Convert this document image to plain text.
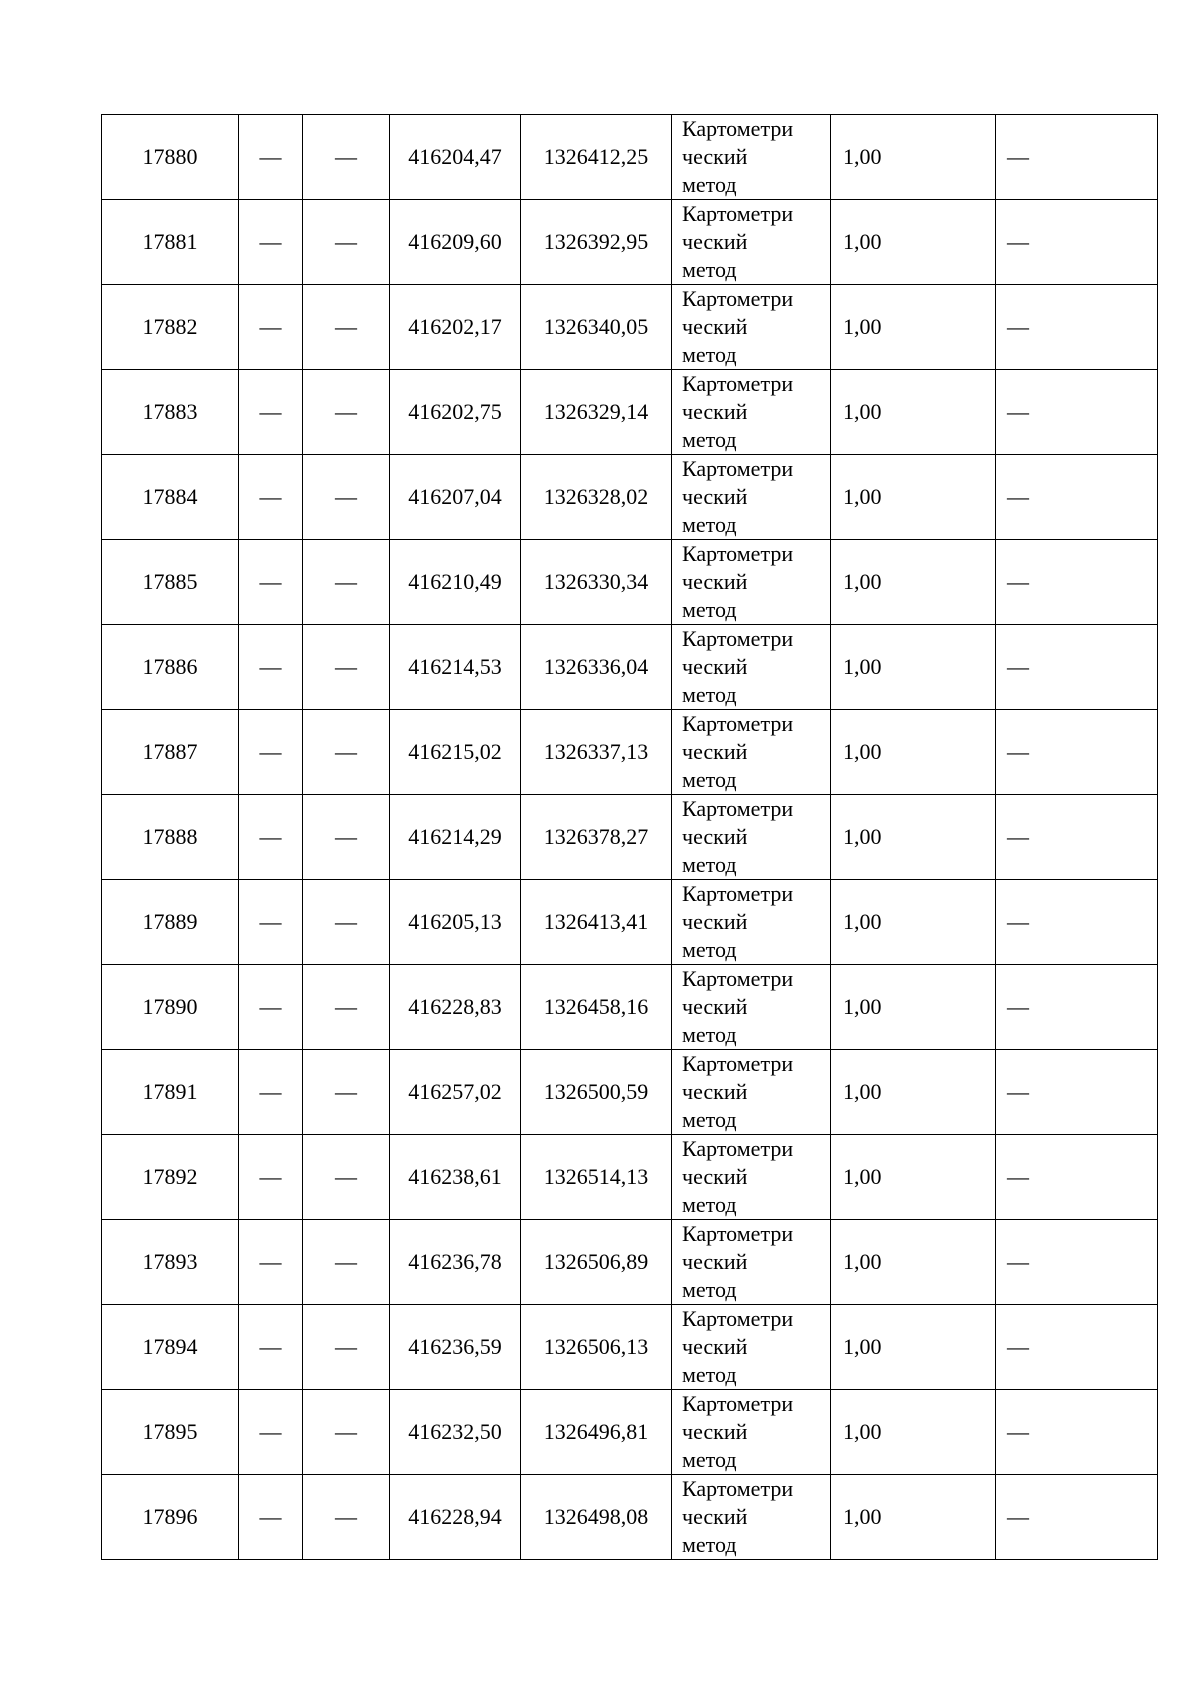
17880	—	—	416204,47	1326412,25	Картометри
ческий
метод	1,00	—
17881	—	—	416209,60	1326392,95	Картометри
ческий
метод	1,00	—
17882	—	—	416202,17	1326340,05	Картометри
ческий
метод	1,00	—
17883	—	—	416202,75	1326329,14	Картометри
ческий
метод	1,00	—
17884	—	—	416207,04	1326328,02	Картометри
ческий
метод	1,00	—
17885	—	—	416210,49	1326330,34	Картометри
ческий
метод	1,00	—
17886	—	—	416214,53	1326336,04	Картометри
ческий
метод	1,00	—
17887	—	—	416215,02	1326337,13	Картометри
ческий
метод	1,00	—
17888	—	—	416214,29	1326378,27	Картометри
ческий
метод	1,00	—
17889	—	—	416205,13	1326413,41	Картометри
ческий
метод	1,00	—
17890	—	—	416228,83	1326458,16	Картометри
ческий
метод	1,00	—
17891	—	—	416257,02	1326500,59	Картометри
ческий
метод	1,00	—
17892	—	—	416238,61	1326514,13	Картометри
ческий
метод	1,00	—
17893	—	—	416236,78	1326506,89	Картометри
ческий
метод	1,00	—
17894	—	—	416236,59	1326506,13	Картометри
ческий
метод	1,00	—
17895	—	—	416232,50	1326496,81	Картометри
ческий
метод	1,00	—
17896	—	—	416228,94	1326498,08	Картометри
ческий
метод	1,00	—
